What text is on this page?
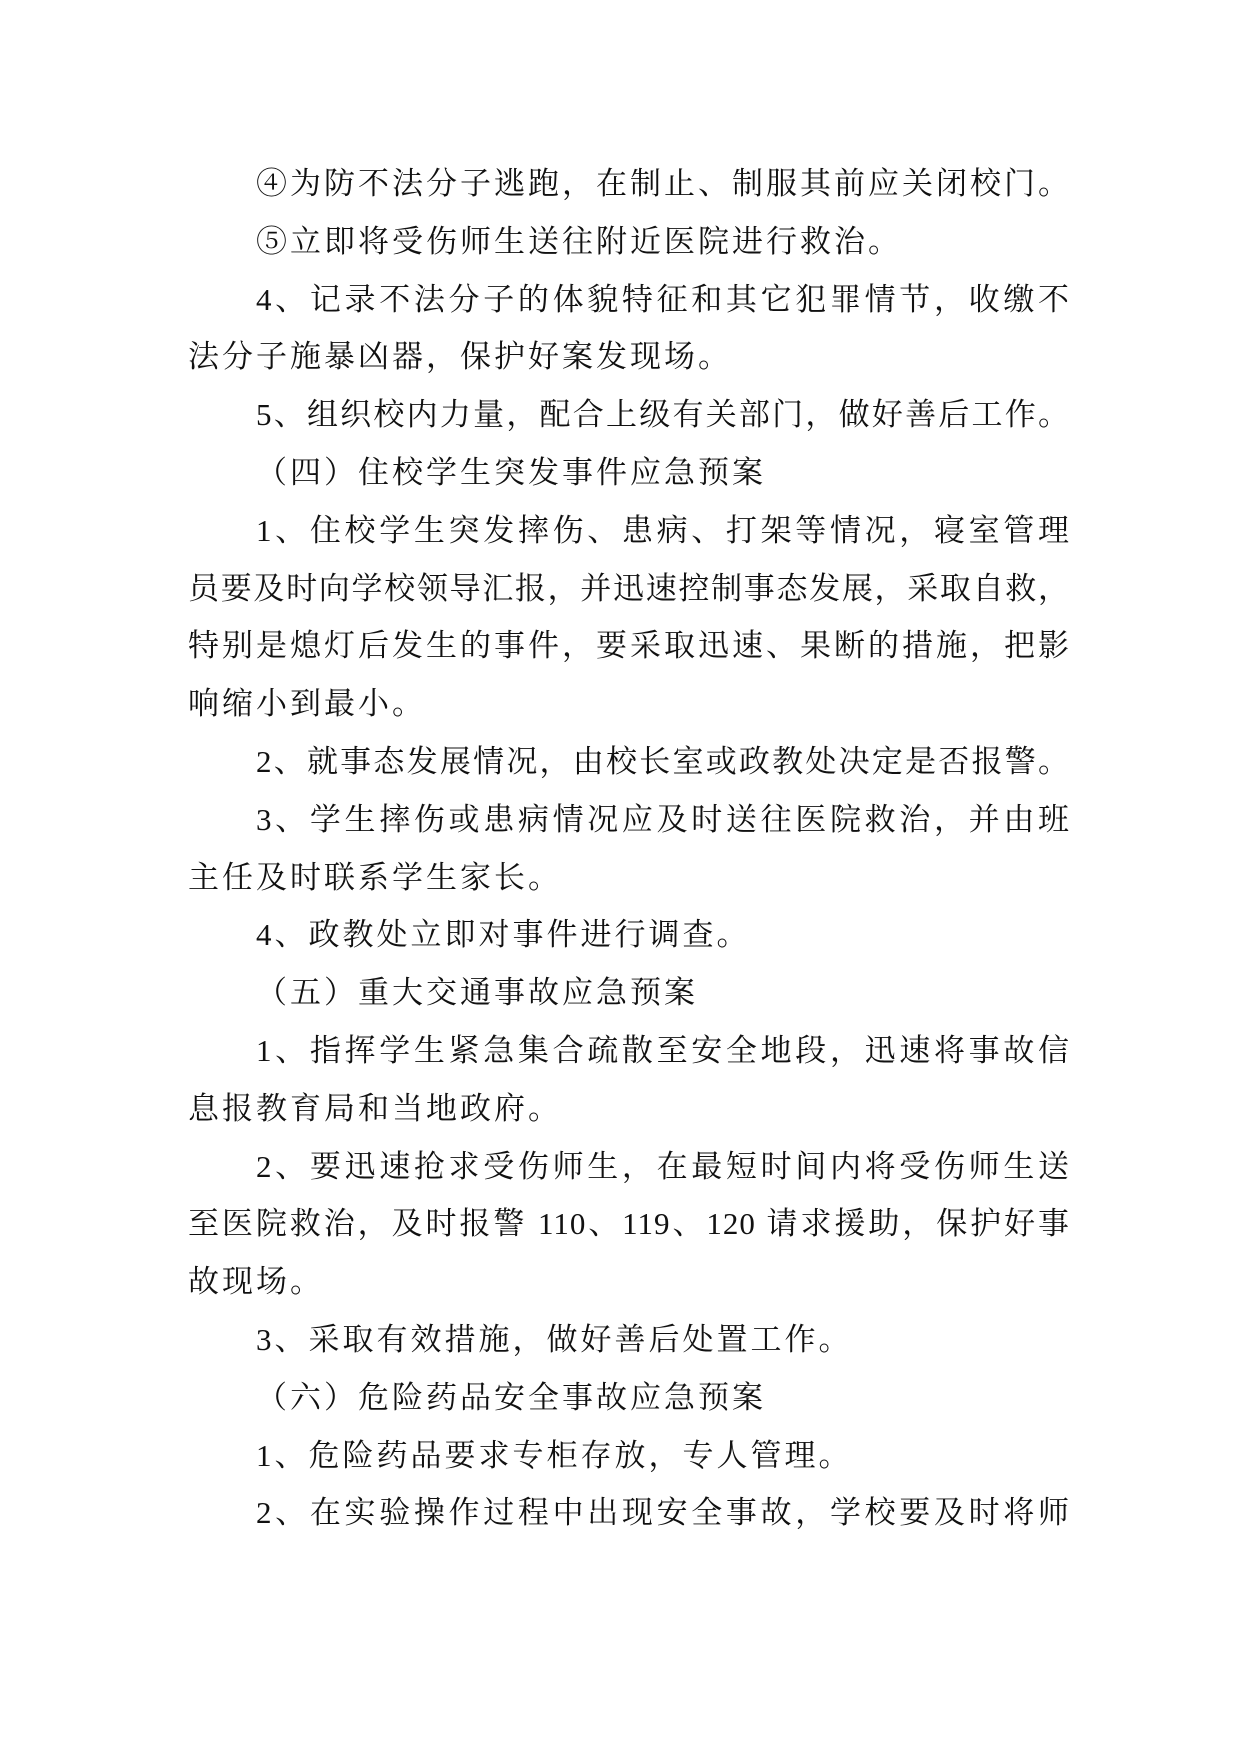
④为防不法分子逃跑，在制止、制服其前应关闭校门。
⑤立即将受伤师生送往附近医院进行救治。
4、记录不法分子的体貌特征和其它犯罪情节，收缴不
法分子施暴凶器，保护好案发现场。
5、组织校内力量，配合上级有关部门，做好善后工作。
（四）住校学生突发事件应急预案
1、住校学生突发摔伤、患病、打架等情况，寝室管理
员要及时向学校领导汇报，并迅速控制事态发展，采取自救，
特别是熄灯后发生的事件，要采取迅速、果断的措施，把影
响缩小到最小。
2、就事态发展情况，由校长室或政教处决定是否报警。
3、学生摔伤或患病情况应及时送往医院救治，并由班
主任及时联系学生家长。
4、政教处立即对事件进行调查。
（五）重大交通事故应急预案
1、指挥学生紧急集合疏散至安全地段，迅速将事故信
息报教育局和当地政府。
2、要迅速抢求受伤师生，在最短时间内将受伤师生送
至医院救治，及时报警 110、119、120 请求援助，保护好事
故现场。
3、采取有效措施，做好善后处置工作。
（六）危险药品安全事故应急预案
1、危险药品要求专柜存放，专人管理。
2、在实验操作过程中出现安全事故，学校要及时将师
